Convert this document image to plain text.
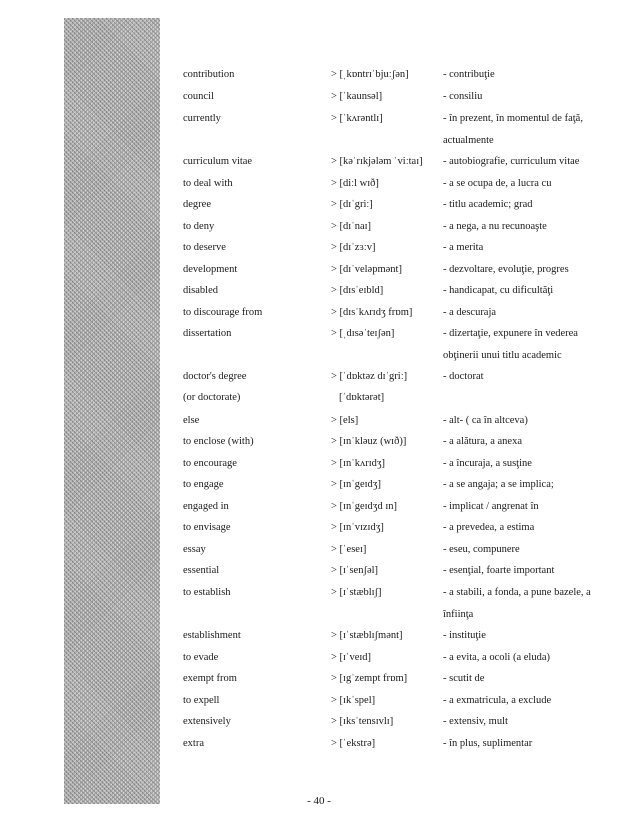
contribution	> [ˌkɒntrɪˈbjuːʃən]	- contribuţie
council	> [ˈkaunsəl]	- consiliu
currently	> [ˈkʌrəntlɪ]	- în prezent, în momentul de faţă, actualmente
curriculum vitae	> [kəˈrɪkjələm ˈviːtaɪ]	- autobiografie, curriculum vitae
to deal with	> [diːl wɪð]	- a se ocupa de, a lucra cu
degree	> [dɪˈgriː]	- titlu academic; grad
to deny	> [dɪˈnaɪ]	- a nega, a nu recunoaşte
to deserve	> [dɪˈzɜːv]	- a merita
development	> [dɪˈveləpmənt]	- dezvoltare, evoluţie, progres
disabled	> [dɪsˈeɪbld]	- handicapat, cu dificultăţi
to discourage from	> [dɪsˈkʌrɪdʒ frɒm]	- a descuraja
dissertation	> [ˌdɪsəˈteɪʃən]	- dizertaţie, expunere în vederea obţinerii unui titlu academic
doctor's degree	> [ˈdɒktəz dɪˈgriː]	- doctorat
(or doctorate)	[ˈdɒktərət]
else	> [els]	- alt- ( ca în altceva)
to enclose (with)	> [ɪnˈkləuz (wɪð)]	- a alătura, a anexa
to encourage	> [ɪnˈkʌrɪdʒ]	- a încuraja, a susţine
to engage	> [ɪnˈgeɪdʒ]	- a se angaja; a se implica;
engaged in	> [ɪnˈgeɪdʒd ɪn]	- implicat / angrenat în
to envisage	> [ɪnˈvɪzɪdʒ]	- a prevedea, a estima
essay	> [ˈeseɪ]	- eseu, compunere
essential	> [ɪˈsenʃəl]	- esenţial, foarte important
to establish	> [ɪˈstæblɪʃ]	- a stabili, a fonda, a pune bazele, a înfiinţa
establishment	> [ɪˈstæblɪʃmənt]	- instituţie
to evade	> [ɪˈveɪd]	- a evita, a ocoli (a eluda)
exempt from	> [ɪgˈzempt frɒm]	- scutit de
to expell	> [ɪkˈspel]	- a exmatricula, a exclude
extensively	> [ɪksˈtensɪvlɪ]	- extensiv, mult
extra	> [ˈekstrə]	- în plus, suplimentar
- 40 -
